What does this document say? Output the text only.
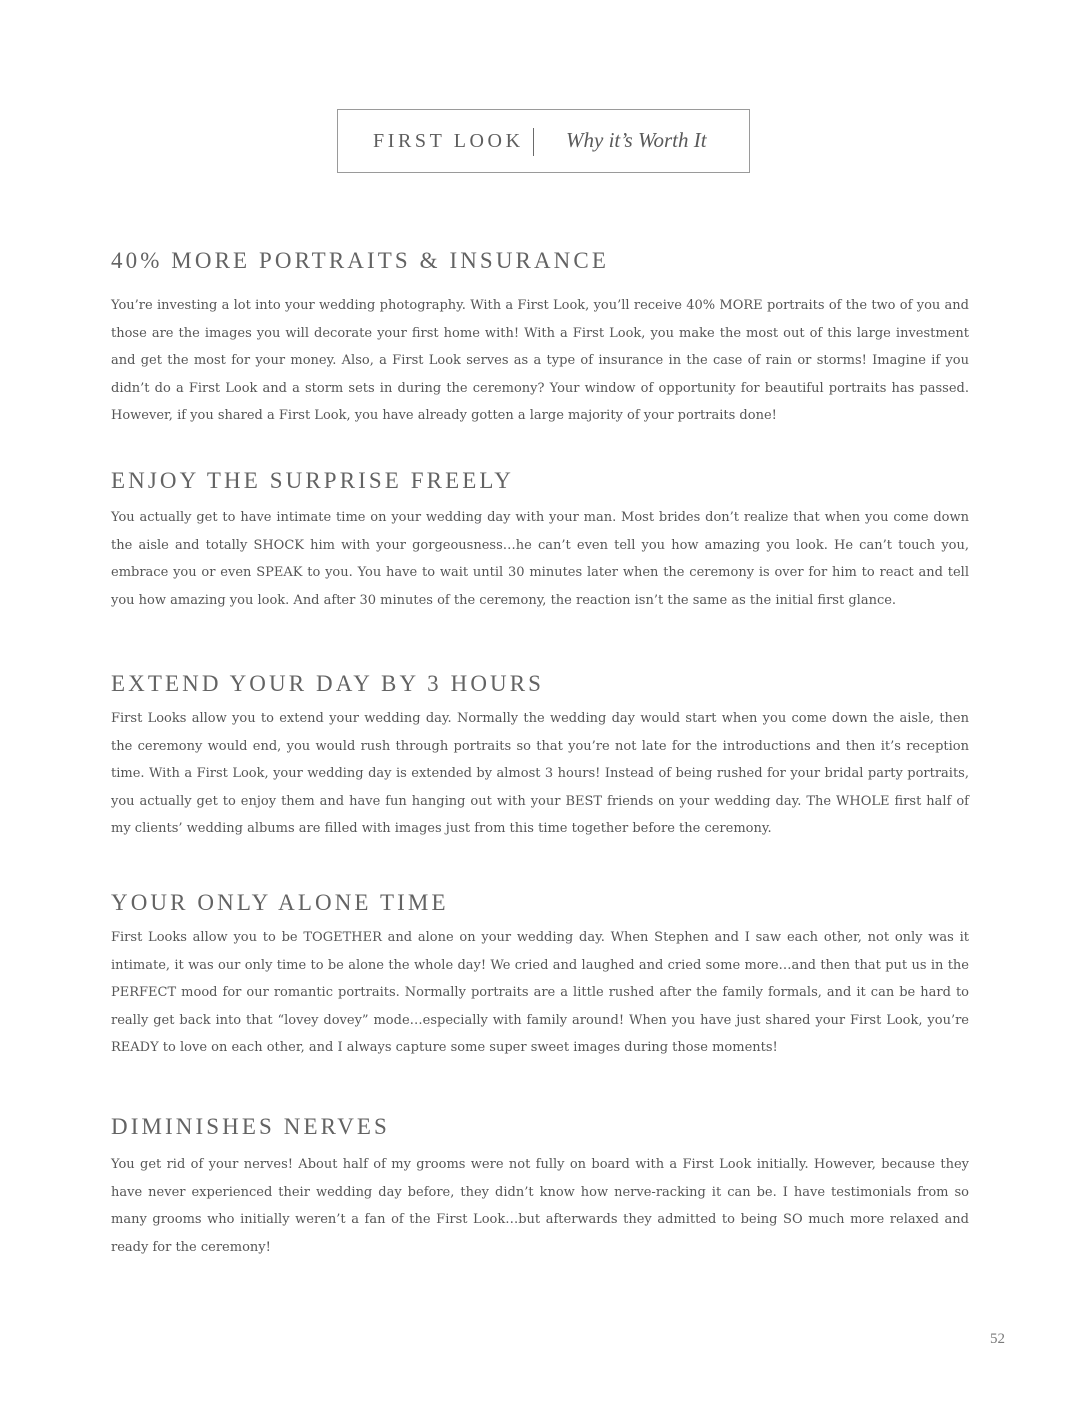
FIRST LOOK Why it’s Worth It
40% MORE PORTRAITS & INSURANCE

You’re investing a lot into your wedding photography. With a First Look, you’ll receive 40% MORE portraits of the two of you and those are the images you will decorate your first home with! With a First Look, you make the most out of this large investment and get the most for your money. Also, a First Look serves as a type of insurance in the case of rain or storms! Imagine if you didn’t do a First Look and a storm sets in during the ceremony? Your window of opportunity for beautiful portraits has passed. However, if you shared a First Look, you have already gotten a large majority of your portraits done!

ENJOY THE SURPRISE FREELY

You actually get to have intimate time on your wedding day with your man. Most brides don’t realize that when you come down the aisle and totally SHOCK him with your gorgeousness…he can’t even tell you how amazing you look. He can’t touch you, embrace you or even SPEAK to you. You have to wait until 30 minutes later when the ceremony is over for him to react and tell you how amazing you look. And after 30 minutes of the ceremony, the reaction isn’t the same as the initial first glance.

EXTEND YOUR DAY BY 3 HOURS

First Looks allow you to extend your wedding day. Normally the wedding day would start when you come down the aisle, then the ceremony would end, you would rush through portraits so that you’re not late for the introductions and then it’s reception time. With a First Look, your wedding day is extended by almost 3 hours! Instead of being rushed for your bridal party portraits, you actually get to enjoy them and have fun hanging out with your BEST friends on your wedding day. The WHOLE first half of my clients’ wedding albums are filled with images just from this time together before the ceremony.

YOUR ONLY ALONE TIME

First Looks allow you to be TOGETHER and alone on your wedding day. When Stephen and I saw each other, not only was it intimate, it was our only time to be alone the whole day! We cried and laughed and cried some more…and then that put us in the PERFECT mood for our romantic portraits. Normally portraits are a little rushed after the family formals, and it can be hard to really get back into that “lovey dovey” mode…especially with family around! When you have just shared your First Look, you’re READY to love on each other, and I always capture some super sweet images during those moments!

DIMINISHES NERVES

You get rid of your nerves! About half of my grooms were not fully on board with a First Look initially. However, because they have never experienced their wedding day before, they didn’t know how nerve-racking it can be. I have testimonials from so many grooms who initially weren’t a fan of the First Look…but afterwards they admitted to being SO much more relaxed and ready for the ceremony!

52
